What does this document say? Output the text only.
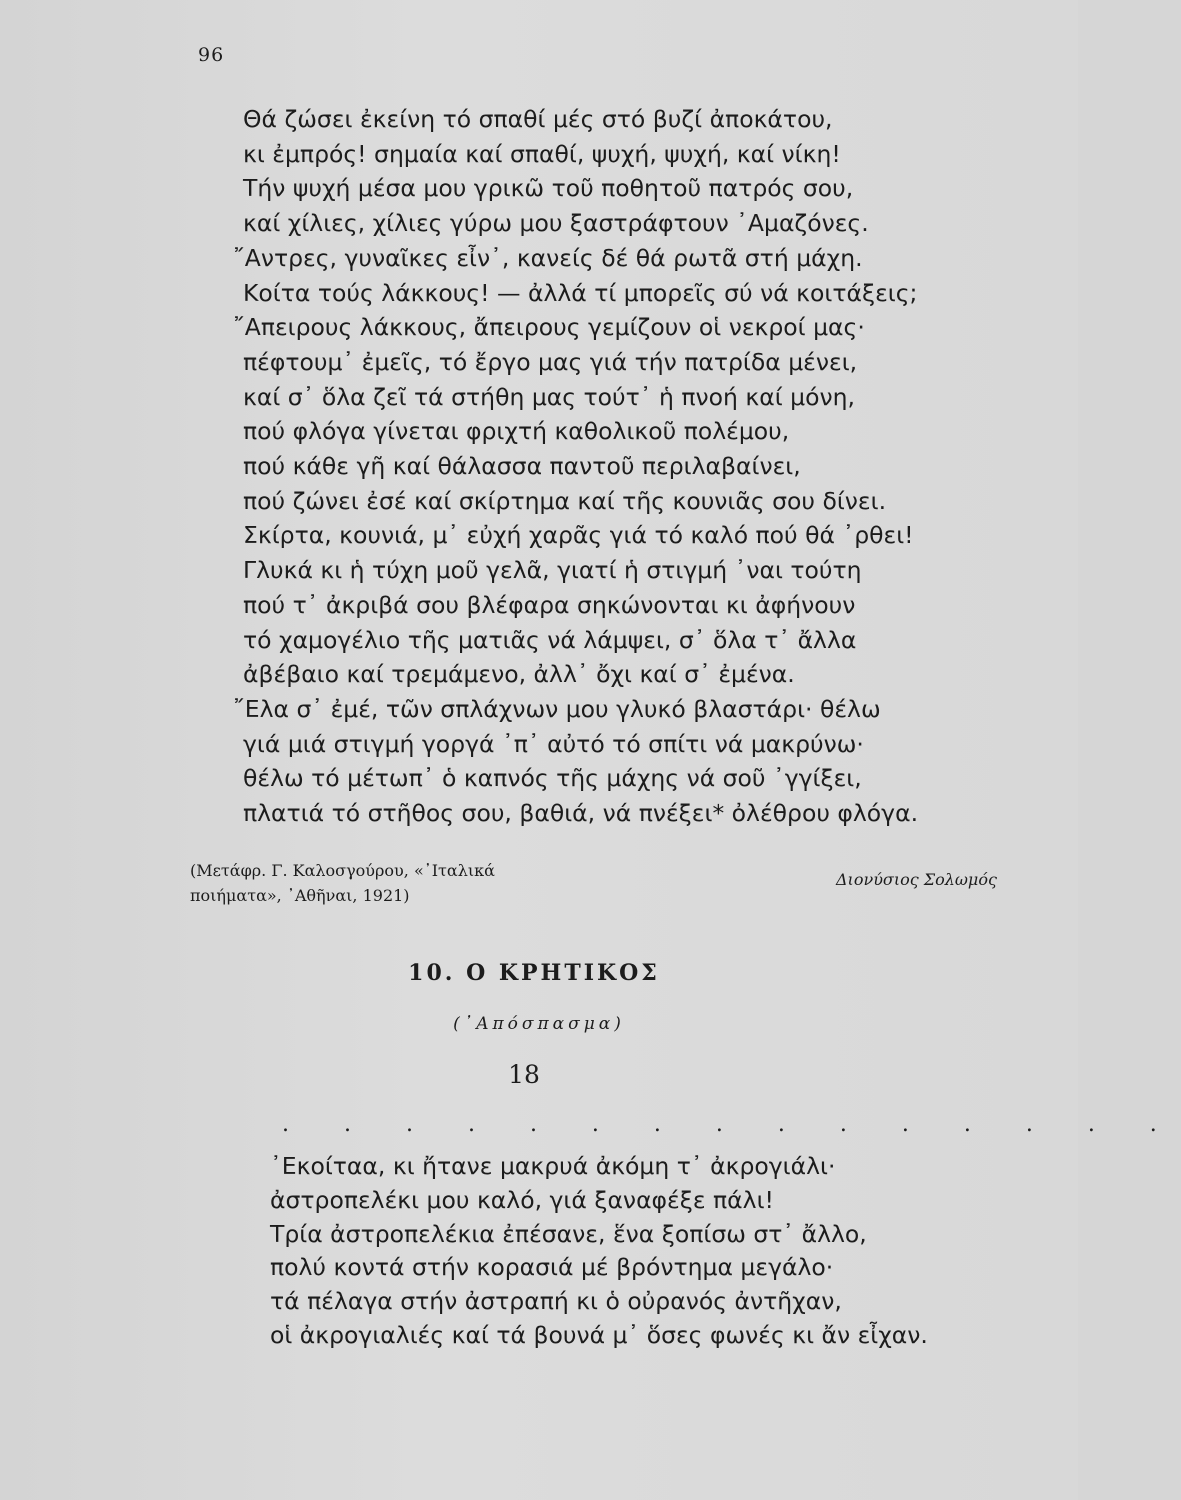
96
Θά ζώσει ἐκείνη τό σπαθί μές στό βυζί ἀποκάτου,
κι ἐμπρός! σημαία καί σπαθί, ψυχή, ψυχή, καί νίκη!
Τήν ψυχή μέσα μου γρικῶ τοῦ ποθητοῦ πατρός σου,
καί χίλιες, χίλιες γύρω μου ξαστράφτουν ᾿Αμαζόνες.
῎Αντρες, γυναῖκες εἶν᾿, κανείς δέ θά ρωτᾶ στή μάχη.
Κοίτα τούς λάκκους! — ἀλλά τί μπορεῖς σύ νά κοιτάξεις;
῎Απειρους λάκκους, ἄπειρους γεμίζουν οἱ νεκροί μας·
πέφτουμ᾿ ἐμεῖς, τό ἔργο μας γιά τήν πατρίδα μένει,
καί σ᾿ ὅλα ζεῖ τά στήθη μας τούτ᾿ ἡ πνοή καί μόνη,
πού φλόγα γίνεται φριχτή καθολικοῦ πολέμου,
πού κάθε γῆ καί θάλασσα παντοῦ περιλαβαίνει,
πού ζώνει ἐσέ καί σκίρτημα καί τῆς κουνιᾶς σου δίνει.
Σκίρτα, κουνιά, μ᾿ εὐχή χαρᾶς γιά τό καλό πού θά ᾿ρθει!
Γλυκά κι ἡ τύχη μοῦ γελᾶ, γιατί ἡ στιγμή ᾿ναι τούτη
πού τ᾿ ἀκριβά σου βλέφαρα σηκώνονται κι ἀφήνουν
τό χαμογέλιο τῆς ματιᾶς νά λάμψει, σ᾿ ὅλα τ᾿ ἄλλα
ἀβέβαιο καί τρεμάμενο, ἀλλ᾿ ὄχι καί σ᾿ ἐμένα.
῎Ελα σ᾿ ἐμέ, τῶν σπλάχνων μου γλυκό βλαστάρι· θέλω
γιά μιά στιγμή γοργά ᾿π᾿ αὐτό τό σπίτι νά μακρύνω·
θέλω τό μέτωπ᾿ ὁ καπνός τῆς μάχης νά σοῦ ᾿γγίξει,
πλατιά τό στῆθος σου, βαθιά, νά πνέξει* ὀλέθρου φλόγα.
(Μετάφρ. Γ. Καλοσγούρου, «᾿Ιταλικά
ποιήματα», ᾿Αθῆναι, 1921)
Διονύσιος Σολωμός
10. Ο ΚΡΗΤΙΚΟΣ
(᾿Απόσπασμα)
18
. . . . . . . . . . . . . . .
᾿Εκοίταα, κι ἤτανε μακρυά ἀκόμη τ᾿ ἀκρογιάλι·
ἀστροπελέκι μου καλό, γιά ξαναφέξε πάλι!
Τρία ἀστροπελέκια ἐπέσανε, ἕνα ξοπίσω στ᾿ ἄλλο,
πολύ κοντά στήν κορασιά μέ βρόντημα μεγάλο·
τά πέλαγα στήν ἀστραπή κι ὁ οὐρανός ἀντῆχαν,
οἱ ἀκρογιαλιές καί τά βουνά μ᾿ ὅσες φωνές κι ἄν εἶχαν.
